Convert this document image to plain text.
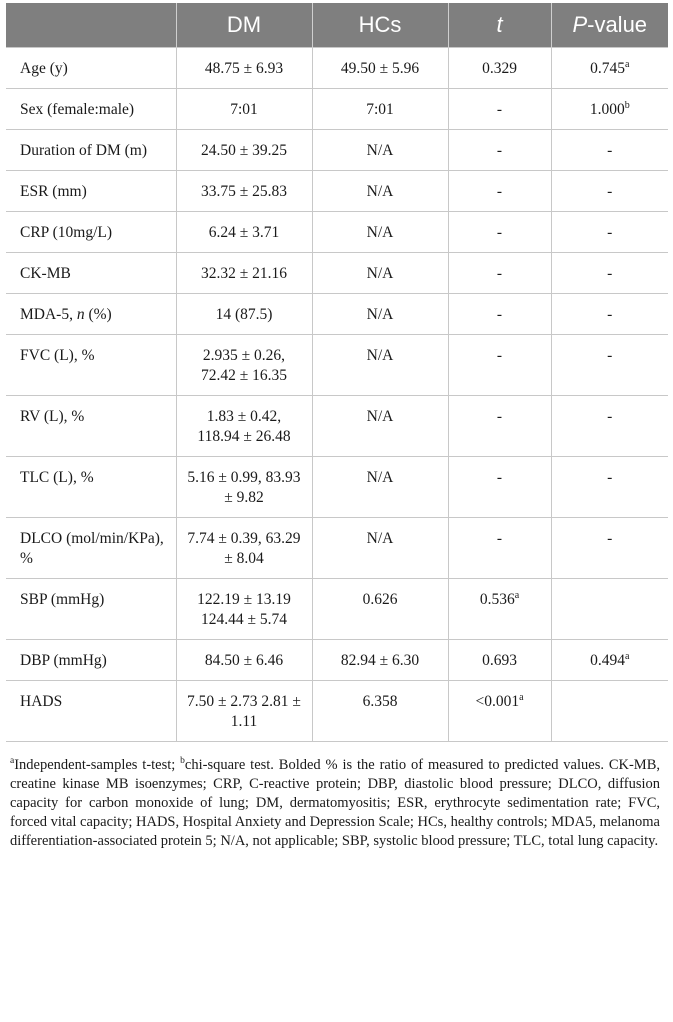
	DM	HCs	t	P-value
Age (y)	48.75 ± 6.93	49.50 ± 5.96	0.329	0.745$^a$
Sex (female:male)	7:01	7:01	-	1.000$^b$
Duration of DM (m)	24.50 ± 39.25	N/A	-	-
ESR (mm)	33.75 ± 25.83	N/A	-	-
CRP (10mg/L)	6.24 ± 3.71	N/A	-	-
CK-MB	32.32 ± 21.16	N/A	-	-
MDA-5, n (%)	14 (87.5)	N/A	-	-
FVC (L), %	2.935 ± 0.26, 72.42 ± 16.35	N/A	-	-
RV (L), %	1.83 ± 0.42, 118.94 ± 26.48	N/A	-	-
TLC (L), %	5.16 ± 0.99, 83.93 ± 9.82	N/A	-	-
DLCO (mol/min/KPa), %	7.74 ± 0.39, 63.29 ± 8.04	N/A	-	-
SBP (mmHg)	122.19 ± 13.19 124.44 ± 5.74	0.626	0.536$^a$	
DBP (mmHg)	84.50 ± 6.46	82.94 ± 6.30	0.693	0.494$^a$
HADS	7.50 ± 2.73 2.81 ± 1.11	6.358	<0.001$^a$	
$^a$Independent-samples t-test; $^b$chi-square test. Bolded % is the ratio of measured to predicted values. CK-MB, creatine kinase MB isoenzymes; CRP, C-reactive protein; DBP, diastolic blood pressure; DLCO, diffusion capacity for carbon monoxide of lung; DM, dermatomyositis; ESR, erythrocyte sedimentation rate; FVC, forced vital capacity; HADS, Hospital Anxiety and Depression Scale; HCs, healthy controls; MDA5, melanoma differentiation-associated protein 5; N/A, not applicable; SBP, systolic blood pressure; TLC, total lung capacity.
